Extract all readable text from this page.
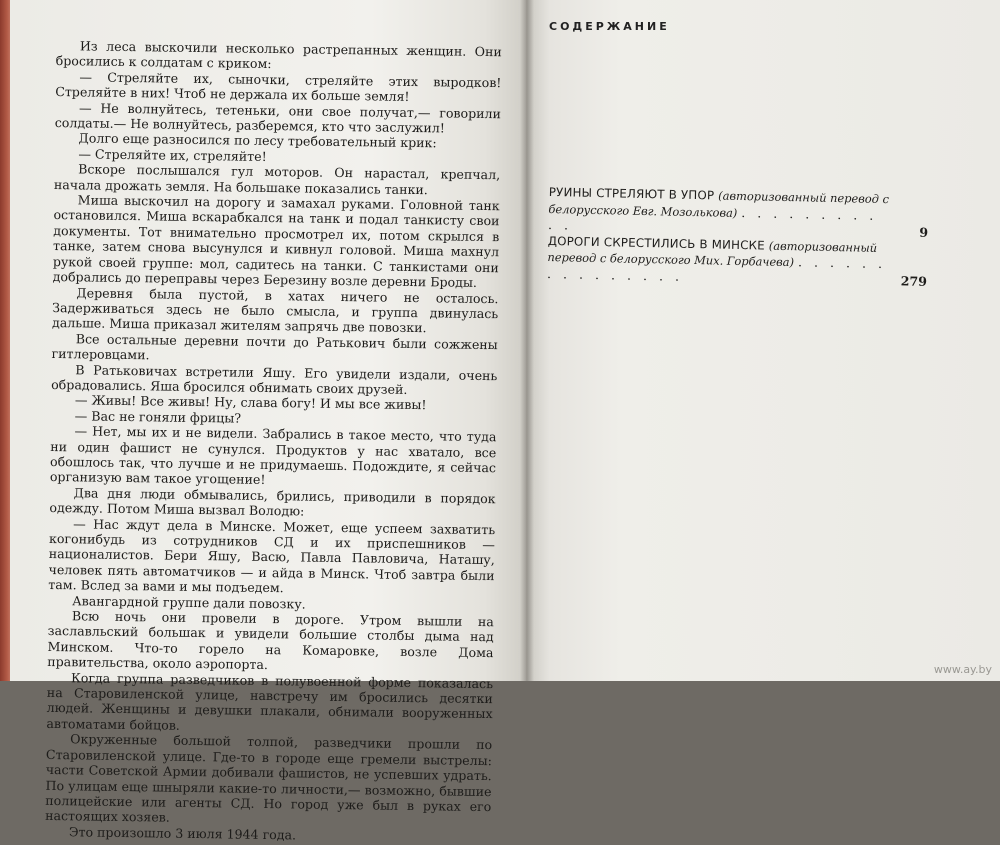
Из леса выскочили несколько растрепанных женщин. Они бросились к солдатам с криком:

— Стреляйте их, сыночки, стреляйте этих выродков! Стреляйте в них! Чтоб не держала их больше земля!

— Не волнуйтесь, тетеньки, они свое получат,— говорили солдаты.— Не волнуйтесь, разберемся, кто что заслужил!

Долго еще разносился по лесу требовательный крик:

— Стреляйте их, стреляйте!

Вскоре послышался гул моторов. Он нарастал, крепчал, начала дрожать земля. На большаке показались танки.

Миша выскочил на дорогу и замахал руками. Головной танк остановился. Миша вскарабкался на танк и подал танкисту свои документы. Тот внимательно просмотрел их, потом скрылся в танке, затем снова высунулся и кивнул головой. Миша махнул рукой своей группе: мол, садитесь на танки. С танкистами они добрались до переправы через Березину возле деревни Броды.

Деревня была пустой, в хатах ничего не осталось. Задерживаться здесь не было смысла, и группа двинулась дальше. Миша приказал жителям запрячь две повозки.

Все остальные деревни почти до Ратькович были сожжены гитлеровцами.

В Ратьковичах встретили Яшу. Его увидели издали, очень обрадовались. Яша бросился обнимать своих друзей.

— Живы! Все живы! Ну, слава богу! И мы все живы!

— Вас не гоняли фрицы?

— Нет, мы их и не видели. Забрались в такое место, что туда ни один фашист не сунулся. Продуктов у нас хватало, все обошлось так, что лучше и не придумаешь. Подождите, я сейчас организую вам такое угощение!

Два дня люди обмывались, брились, приводили в порядок одежду. Потом Миша вызвал Володю:

— Нас ждут дела в Минске. Может, еще успеем захватить когонибудь из сотрудников СД и их приспешников — националистов. Бери Яшу, Васю, Павла Павловича, Наташу, человек пять автоматчиков — и айда в Минск. Чтоб завтра были там. Вслед за вами и мы подъедем.

Авангардной группе дали повозку.

Всю ночь они провели в дороге. Утром вышли на заславльский большак и увидели большие столбы дыма над Минском. Что-то горело на Комаровке, возле Дома правительства, около аэропорта.

Когда группа разведчиков в полувоенной форме показалась на Старовиленской улице, навстречу им бросились десятки людей. Женщины и девушки плакали, обнимали вооруженных автоматами бойцов.

Окруженные большой толпой, разведчики прошли по Старовиленской улице. Где-то в городе еще гремели выстрелы: части Советской Армии добивали фашистов, не успевших удрать. По улицам еще шныряли какие-то личности,— возможно, бывшие полицейские или агенты СД. Но город уже был в руках его настоящих хозяев.

Это произошло 3 июля 1944 года.

СОДЕРЖАНИЕ
РУИНЫ СТРЕЛЯЮТ В УПОР (авторизованный перевод с белорусского Евг. Мозолькова) . . . . . . . . . . .	9
ДОРОГИ СКРЕСТИЛИСЬ В МИНСКЕ (авторизованный перевод с белорусского Мих. Горбачева) . . . . . . . . . . . . . . .	279
www.ay.by
